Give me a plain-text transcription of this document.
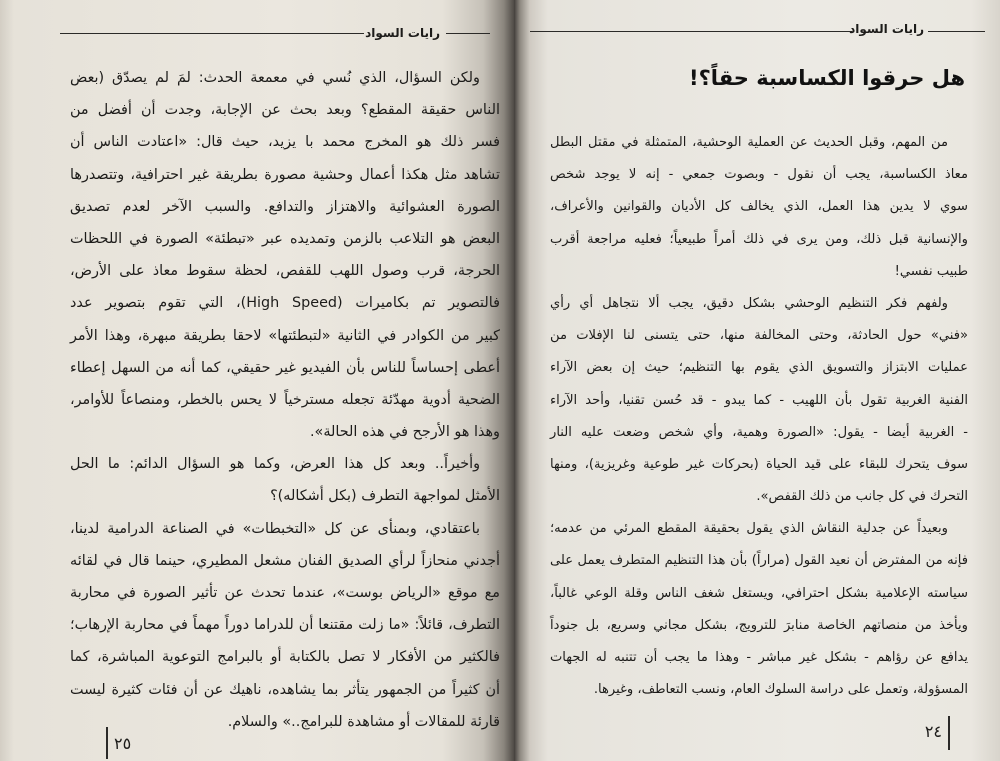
رايات السواد
ولكن السؤال، الذي نُسي في معمعة الحدث: لمَ لم يصدّق (بعض
الناس حقيقة المقطع؟ وبعد بحث عن الإجابة، وجدت أن أفضل من
فسر ذلك هو المخرج محمد با يزيد، حيث قال: «اعتادت الناس أن
تشاهد مثل هكذا أعمال وحشية مصورة بطريقة غير احترافية، وتتصدرها
الصورة العشوائية والاهتزاز والتدافع. والسبب الآخر لعدم تصديق
البعض هو التلاعب بالزمن وتمديده عبر «تبطئة» الصورة في اللحظات
الحرجة، قرب وصول اللهب للقفص، لحظة سقوط معاذ على الأرض،
فالتصوير تم بكاميرات (High Speed)، التي تقوم بتصوير عدد
كبير من الكوادر في الثانية «لتبطئتها» لاحقا بطريقة مبهرة، وهذا الأمر
أعطى إحساساً للناس بأن الفيديو غير حقيقي، كما أنه من السهل إعطاء
الضحية أدوية مهدّئة تجعله مسترخياً لا يحس بالخطر، ومنصاعاً للأوامر،
وهذا هو الأرجح في هذه الحالة».
وأخيراً.. وبعد كل هذا العرض، وكما هو السؤال الدائم: ما الحل
الأمثل لمواجهة التطرف (بكل أشكاله)؟
باعتقادي، وبمنأى عن كل «التخبطات» في الصناعة الدرامية لدينا،
أجدني منحازاً لرأي الصديق الفنان مشعل المطيري، حينما قال في لقائه
مع موقع «الرياض بوست»، عندما تحدث عن تأثير الصورة في محاربة
التطرف، قائلاً: «ما زلت مقتنعا أن للدراما دوراً مهماً في محاربة الإرهاب؛
فالكثير من الأفكار لا تصل بالكتابة أو بالبرامج التوعوية المباشرة، كما
أن كثيراً من الجمهور يتأثر بما يشاهده، ناهيك عن أن فئات كثيرة ليست
قارئة للمقالات أو مشاهدة للبرامج..» والسلام.
٢٥
رايات السواد
هل حرقوا الكساسبة حقاً؟!
من المهم، وقبل الحديث عن العملية الوحشية، المتمثلة في مقتل البطل
معاذ الكساسبة، يجب أن نقول - وبصوت جمعي - إنه لا يوجد شخص
سوي لا يدين هذا العمل، الذي يخالف كل الأديان والقوانين والأعراف،
والإنسانية قبل ذلك، ومن يرى في ذلك أمراً طبيعياً؛ فعليه مراجعة أقرب
طبيب نفسي!
ولفهم فكر التنظيم الوحشي بشكل دقيق، يجب ألا نتجاهل أي رأي
«فني» حول الحادثة، وحتى المخالفة منها، حتى يتسنى لنا الإفلات من
عمليات الابتزاز والتسويق الذي يقوم بها التنظيم؛ حيث إن بعض الآراء
الفنية الغربية تقول بأن اللهيب - كما يبدو - قد حُسن تقنيا، وأحد الآراء
- الغربية أيضا - يقول: «الصورة وهمية، وأي شخص وضعت عليه النار
سوف يتحرك للبقاء على قيد الحياة (بحركات غير طوعية وغريزية)، ومنها
التحرك في كل جانب من ذلك القفص».
وبعيداً عن جدلية النقاش الذي يقول بحقيقة المقطع المرئي من عدمه؛
فإنه من المفترض أن نعيد القول (مراراً) بأن هذا التنظيم المتطرف يعمل على
سياسته الإعلامية بشكل احترافي، ويستغل شغف الناس وقلة الوعي غالباً،
ويأخذ من منصاتهم الخاصة منابرَ للترويج، بشكل مجاني وسريع، بل جنوداً
يدافع عن رؤاهم - بشكل غير مباشر - وهذا ما يجب أن تتنبه له الجهات
المسؤولة، وتعمل على دراسة السلوك العام، ونسب التعاطف، وغيرها.
٢٤
